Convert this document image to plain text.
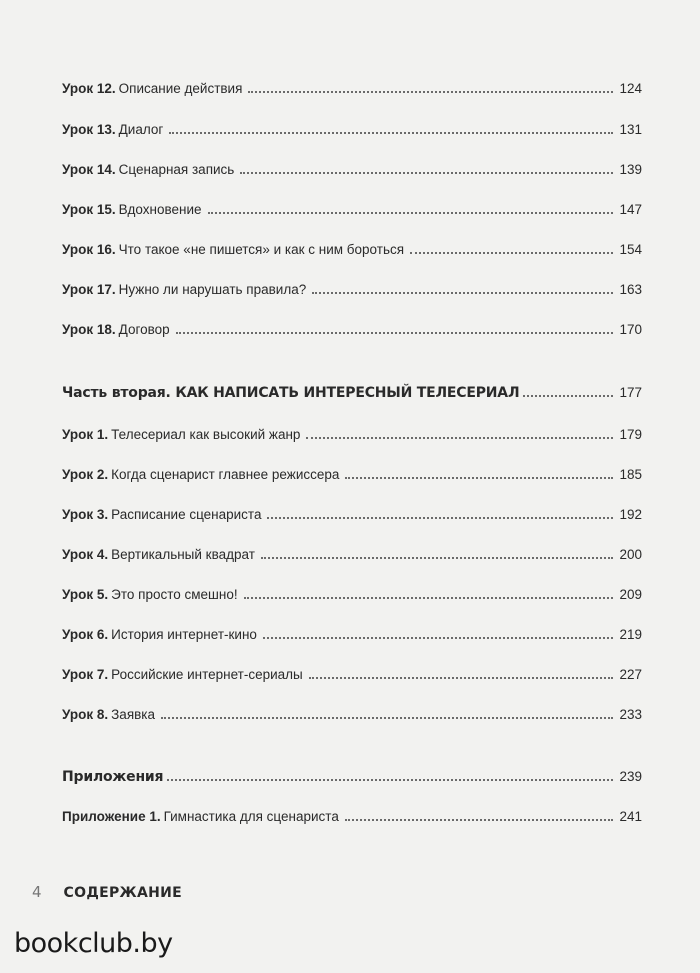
Урок 12. Описание действия	124
Урок 13. Диалог	131
Урок 14. Сценарная запись	139
Урок 15. Вдохновение	147
Урок 16. Что такое «не пишется» и как с ним бороться	154
Урок 17. Нужно ли нарушать правила?	163
Урок 18. Договор	170
Часть вторая. КАК НАПИСАТЬ ИНТЕРЕСНЫЙ ТЕЛЕСЕРИАЛ	177
Урок 1. Телесериал как высокий жанр	179
Урок 2. Когда сценарист главнее режиссера	185
Урок 3. Расписание сценариста	192
Урок 4. Вертикальный квадрат	200
Урок 5. Это просто смешно!	209
Урок 6. История интернет-кино	219
Урок 7. Российские интернет-сериалы	227
Урок 8. Заявка	233
Приложения	239
Приложение 1. Гимнастика для сценариста	241
4 СОДЕРЖАНИЕ
bookclub.by
